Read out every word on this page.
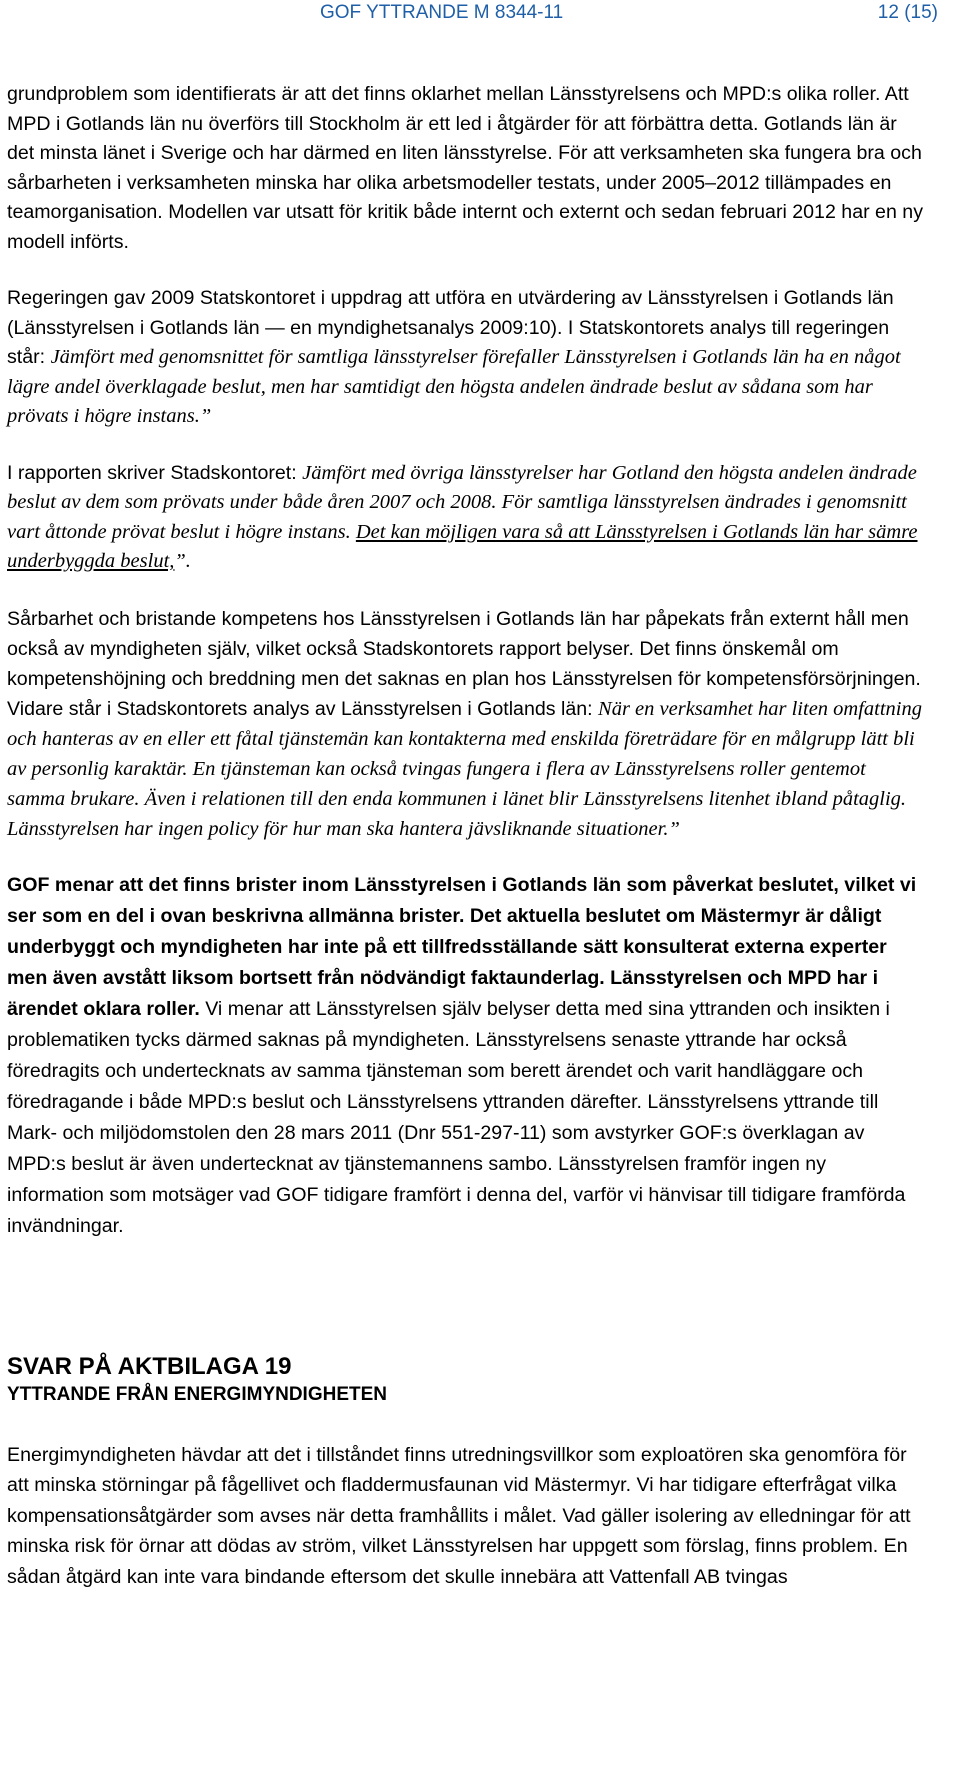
GOF YTTRANDE M 8344-11	12 (15)

grundproblem som identifierats är att det finns oklarhet mellan Länsstyrelsens och MPD:s olika roller. Att MPD i Gotlands län nu överförs till Stockholm är ett led i åtgärder för att förbättra detta. Gotlands län är det minsta länet i Sverige och har därmed en liten länsstyrelse. För att verksamheten ska fungera bra och sårbarheten i verksamheten minska har olika arbetsmodeller testats, under 2005–2012 tillämpades en teamorganisation. Modellen var utsatt för kritik både internt och externt och sedan februari 2012 har en ny modell införts.

Regeringen gav 2009 Statskontoret i uppdrag att utföra en utvärdering av Länsstyrelsen i Gotlands län (Länsstyrelsen i Gotlands län — en myndighetsanalys 2009:10). I Statskontorets analys till regeringen står: Jämfört med genomsnittet för samtliga länsstyrelser förefaller Länsstyrelsen i Gotlands län ha en något lägre andel överklagade beslut, men har samtidigt den högsta andelen ändrade beslut av sådana som har prövats i högre instans.”

I rapporten skriver Stadskontoret: Jämfört med övriga länsstyrelser har Gotland den högsta andelen ändrade beslut av dem som prövats under både åren 2007 och 2008. För samtliga länsstyrelsen ändrades i genomsnitt vart åttonde prövat beslut i högre instans. Det kan möjligen vara så att Länsstyrelsen i Gotlands län har sämre underbyggda beslut,”.

Sårbarhet och bristande kompetens hos Länsstyrelsen i Gotlands län har påpekats från externt håll men också av myndigheten själv, vilket också Stadskontorets rapport belyser. Det finns önskemål om kompetenshöjning och breddning men det saknas en plan hos Länsstyrelsen för kompetensförsörjningen. Vidare står i Stadskontorets analys av Länsstyrelsen i Gotlands län: När en verksamhet har liten omfattning och hanteras av en eller ett fåtal tjänstemän kan kontakterna med enskilda företrädare för en målgrupp lätt bli av personlig karaktär. En tjänsteman kan också tvingas fungera i flera av Länsstyrelsens roller gentemot samma brukare. Även i relationen till den enda kommunen i länet blir Länsstyrelsens litenhet ibland påtaglig. Länsstyrelsen har ingen policy för hur man ska hantera jävsliknande situationer.”

GOF menar att det finns brister inom Länsstyrelsen i Gotlands län som påverkat beslutet, vilket vi ser som en del i ovan beskrivna allmänna brister. Det aktuella beslutet om Mästermyr är dåligt underbyggt och myndigheten har inte på ett tillfredsställande sätt konsulterat externa experter men även avstått liksom bortsett från nödvändigt faktaunderlag. Länsstyrelsen och MPD har i ärendet oklara roller. Vi menar att Länsstyrelsen själv belyser detta med sina yttranden och insikten i problematiken tycks därmed saknas på myndigheten. Länsstyrelsens senaste yttrande har också föredragits och undertecknats av samma tjänsteman som berett ärendet och varit handläggare och föredragande i både MPD:s beslut och Länsstyrelsens yttranden därefter. Länsstyrelsens yttrande till Mark- och miljödomstolen den 28 mars 2011 (Dnr 551-297-11) som avstyrker GOF:s överklagan av MPD:s beslut är även undertecknat av tjänstemannens sambo. Länsstyrelsen framför ingen ny information som motsäger vad GOF tidigare framfört i denna del, varför vi hänvisar till tidigare framförda invändningar.

SVAR PÅ AKTBILAGA 19
YTTRANDE FRÅN ENERGIMYNDIGHETEN

Energimyndigheten hävdar att det i tillståndet finns utredningsvillkor som exploatören ska genomföra för att minska störningar på fågellivet och fladdermusfaunan vid Mästermyr. Vi har tidigare efterfrågat vilka kompensationsåtgärder som avses när detta framhållits i målet. Vad gäller isolering av elledningar för att minska risk för örnar att dödas av ström, vilket Länsstyrelsen har uppgett som förslag, finns problem. En sådan åtgärd kan inte vara bindande eftersom det skulle innebära att Vattenfall AB tvingas
